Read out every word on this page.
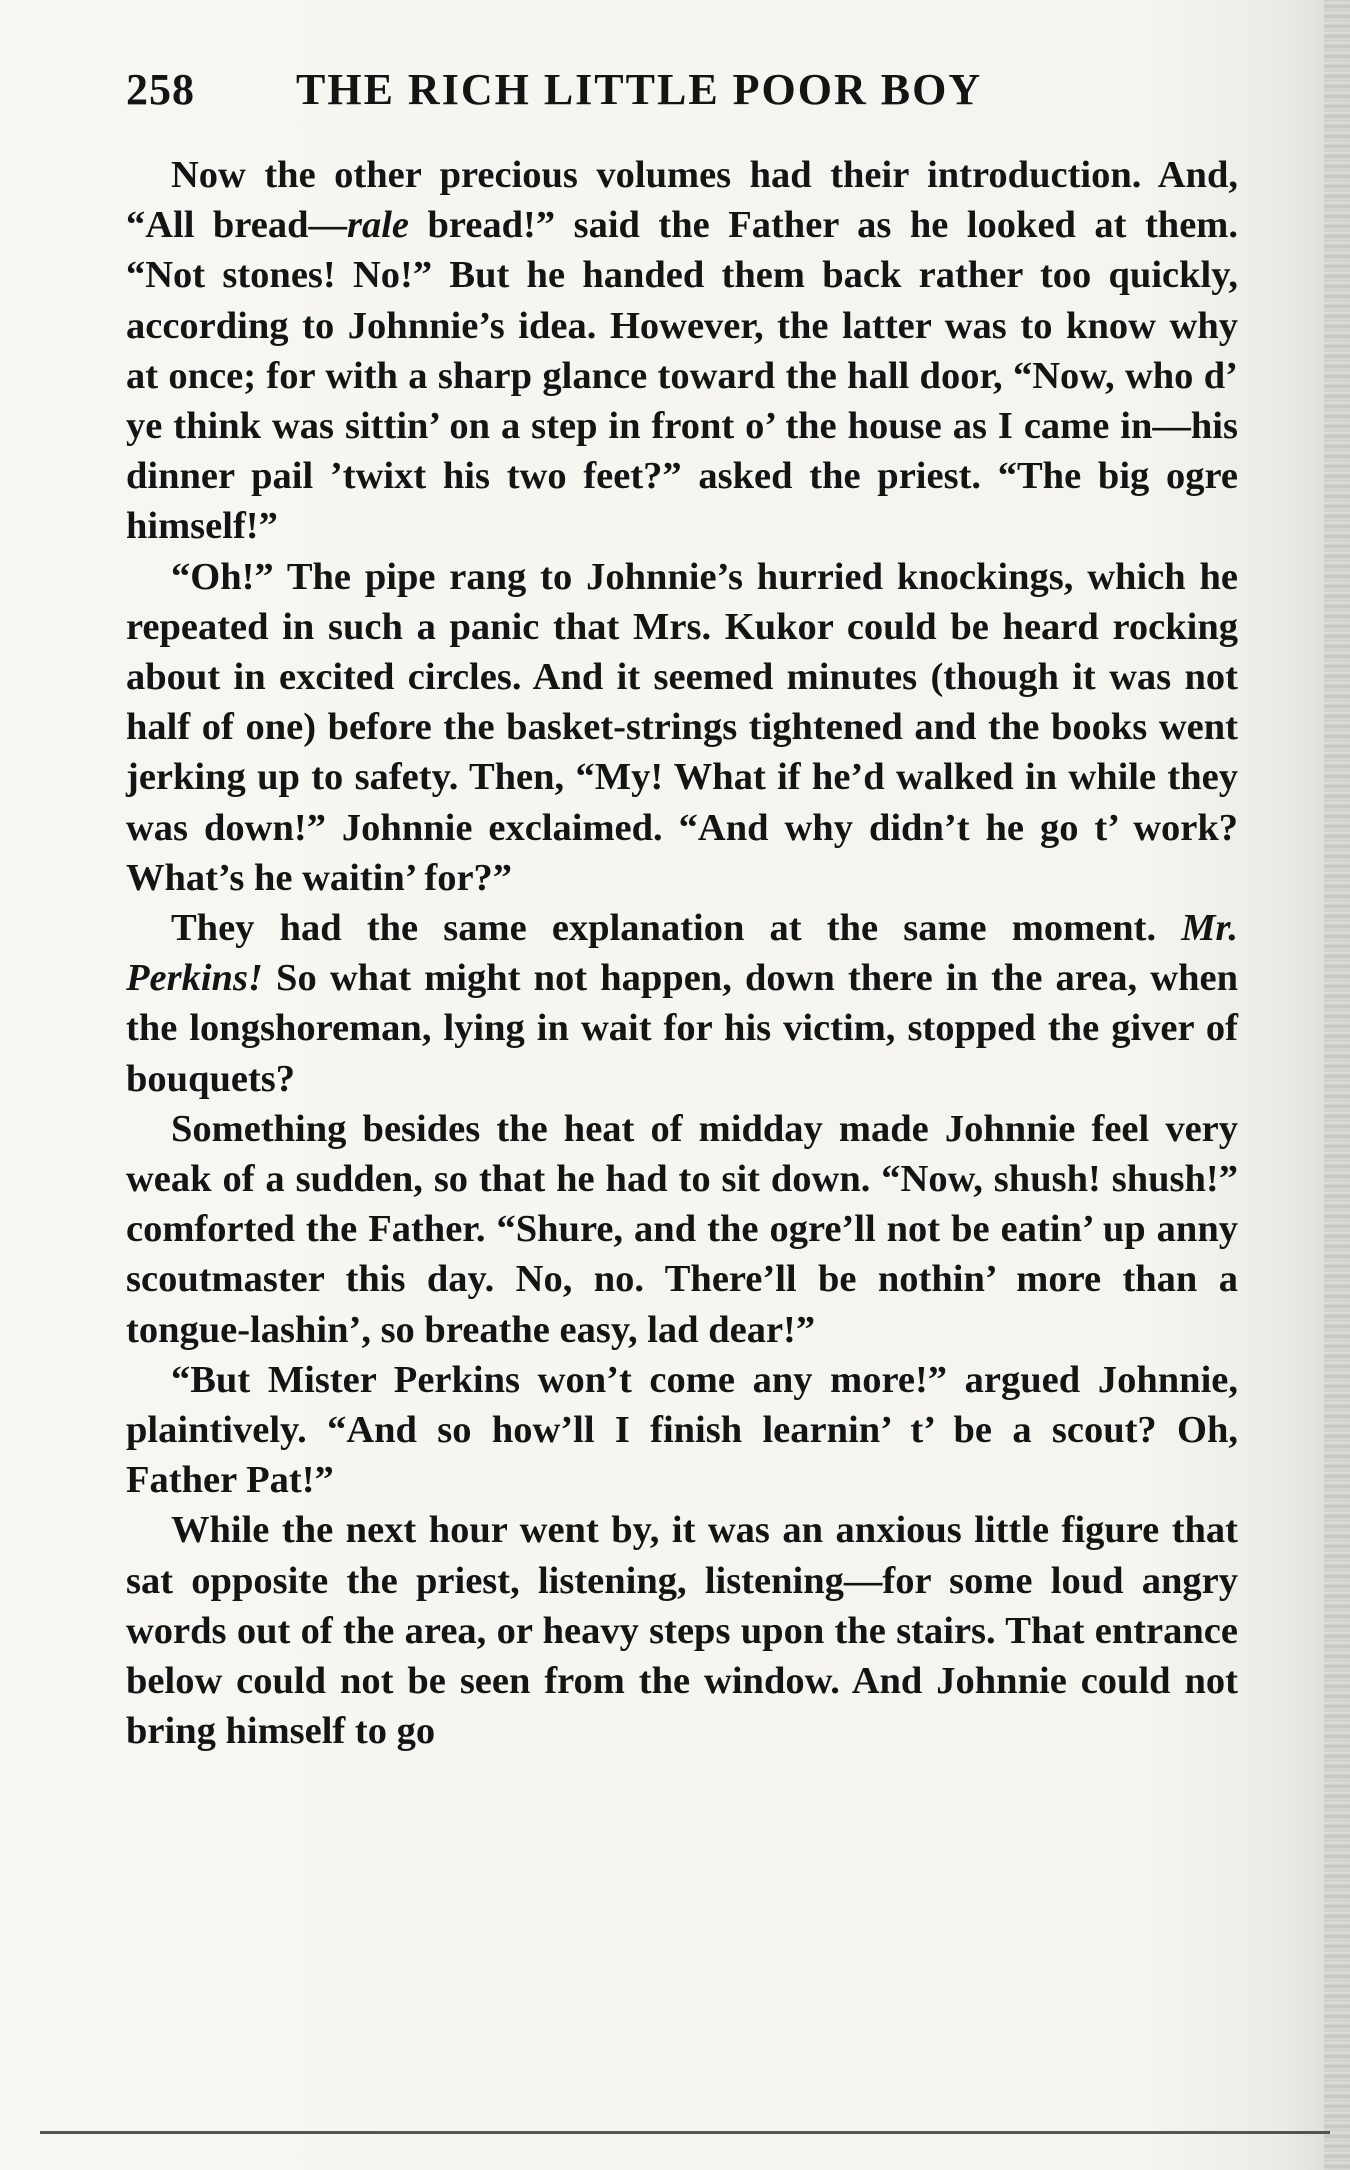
258	THE RICH LITTLE POOR BOY

Now the other precious volumes had their introduction. And, “All bread—rale bread!” said the Father as he looked at them. “Not stones! No!” But he handed them back rather too quickly, according to Johnnie’s idea. However, the latter was to know why at once; for with a sharp glance toward the hall door, “Now, who d’ ye think was sittin’ on a step in front o’ the house as I came in—his dinner pail ’twixt his two feet?” asked the priest. “The big ogre himself!”

“Oh!” The pipe rang to Johnnie’s hurried knockings, which he repeated in such a panic that Mrs. Kukor could be heard rocking about in excited circles. And it seemed minutes (though it was not half of one) before the basket-strings tightened and the books went jerking up to safety. Then, “My! What if he’d walked in while they was down!” Johnnie exclaimed. “And why didn’t he go t’ work? What’s he waitin’ for?”

They had the same explanation at the same moment. Mr. Perkins! So what might not happen, down there in the area, when the longshoreman, lying in wait for his victim, stopped the giver of bouquets?

Something besides the heat of midday made Johnnie feel very weak of a sudden, so that he had to sit down. “Now, shush! shush!” comforted the Father. “Shure, and the ogre’ll not be eatin’ up anny scoutmaster this day. No, no. There’ll be nothin’ more than a tongue-lashin’, so breathe easy, lad dear!”

“But Mister Perkins won’t come any more!” argued Johnnie, plaintively. “And so how’ll I finish learnin’ t’ be a scout? Oh, Father Pat!”

While the next hour went by, it was an anxious little figure that sat opposite the priest, listening, listening—for some loud angry words out of the area, or heavy steps upon the stairs. That entrance below could not be seen from the window. And Johnnie could not bring himself to go
